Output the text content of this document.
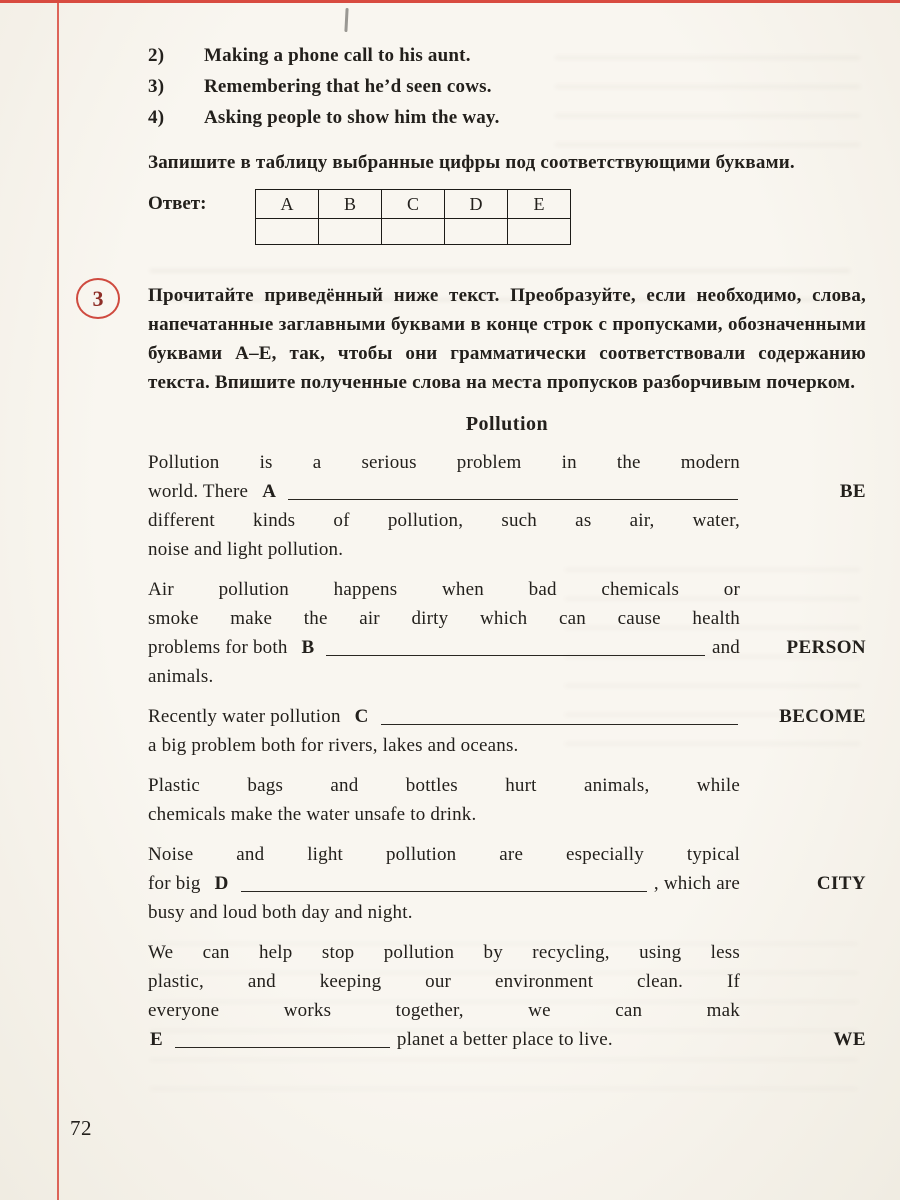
2)	Making a phone call to his aunt.
3)	Remembering that he’d seen cows.
4)	Asking people to show him the way.

Запишите в таблицу выбранные цифры под соответствующими буквами.

Ответ:	A	B	C	D	E

3 Прочитайте приведённый ниже текст. Преобразуйте, если необходимо, слова, напечатанные заглавными буквами в конце строк с пропусками, обозначенными буквами A–E, так, чтобы они грамматически соответствовали содержанию текста. Впишите полученные слова на места пропусков разборчивым почерком.

Pollution
Pollution is a serious problem in the modern
world. There A	BE
different kinds of pollution, such as air, water,
noise and light pollution.
Air pollution happens when bad chemicals or
smoke make the air dirty which can cause health
problems for both B	and	PERSON
animals.
Recently water pollution C	BECOME
a big problem both for rivers, lakes and oceans.
Plastic bags and bottles hurt animals, while
chemicals make the water unsafe to drink.
Noise and light pollution are especially typical
for big D	, which are	CITY
busy and loud both day and night.
We can help stop pollution by recycling, using less
plastic, and keeping our environment clean. If
everyone works together, we can mak
E	planet a better place to live.	WE
72
